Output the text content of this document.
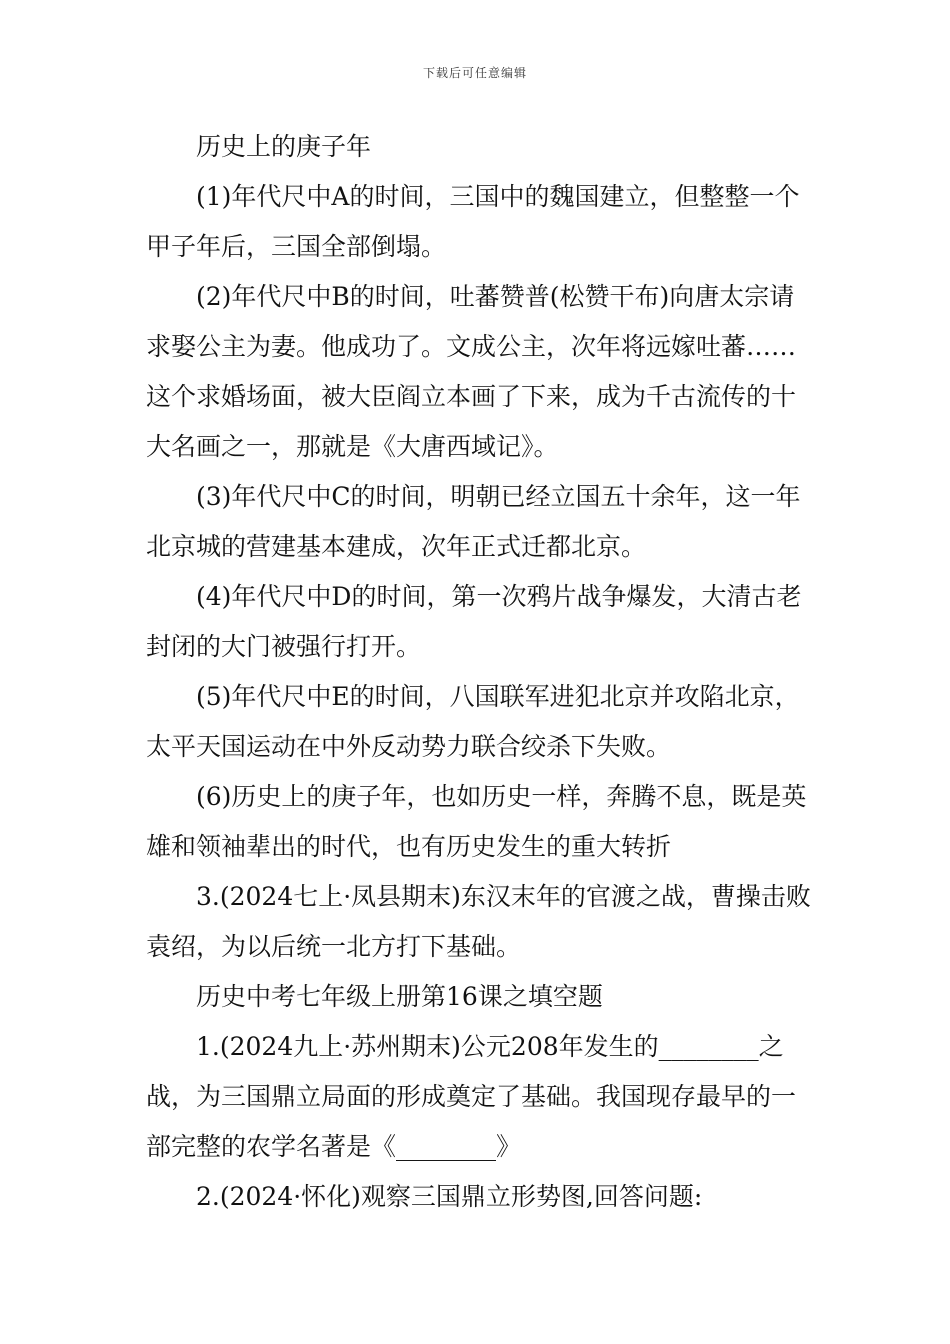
下载后可任意编辑

历史上的庚子年

(1)年代尺中A的时间，三国中的魏国建立，但整整一个甲子年后，三国全部倒塌。

(2)年代尺中B的时间，吐蕃赞普(松赞干布)向唐太宗请求娶公主为妻。他成功了。文成公主，次年将远嫁吐蕃……这个求婚场面，被大臣阎立本画了下来，成为千古流传的十大名画之一，那就是《大唐西域记》。

(3)年代尺中C的时间，明朝已经立国五十余年，这一年北京城的营建基本建成，次年正式迁都北京。

(4)年代尺中D的时间，第一次鸦片战争爆发，大清古老封闭的大门被强行打开。

(5)年代尺中E的时间，八国联军进犯北京并攻陷北京，太平天国运动在中外反动势力联合绞杀下失败。

(6)历史上的庚子年，也如历史一样，奔腾不息，既是英雄和领袖辈出的时代，也有历史发生的重大转折

3.(2024七上·凤县期末)东汉末年的官渡之战，曹操击败袁绍，为以后统一北方打下基础。

历史中考七年级上册第16课之填空题

1.(2024九上·苏州期末)公元208年发生的________之战，为三国鼎立局面的形成奠定了基础。我国现存最早的一部完整的农学名著是《________》

2.(2024·怀化)观察三国鼎立形势图,回答问题:
